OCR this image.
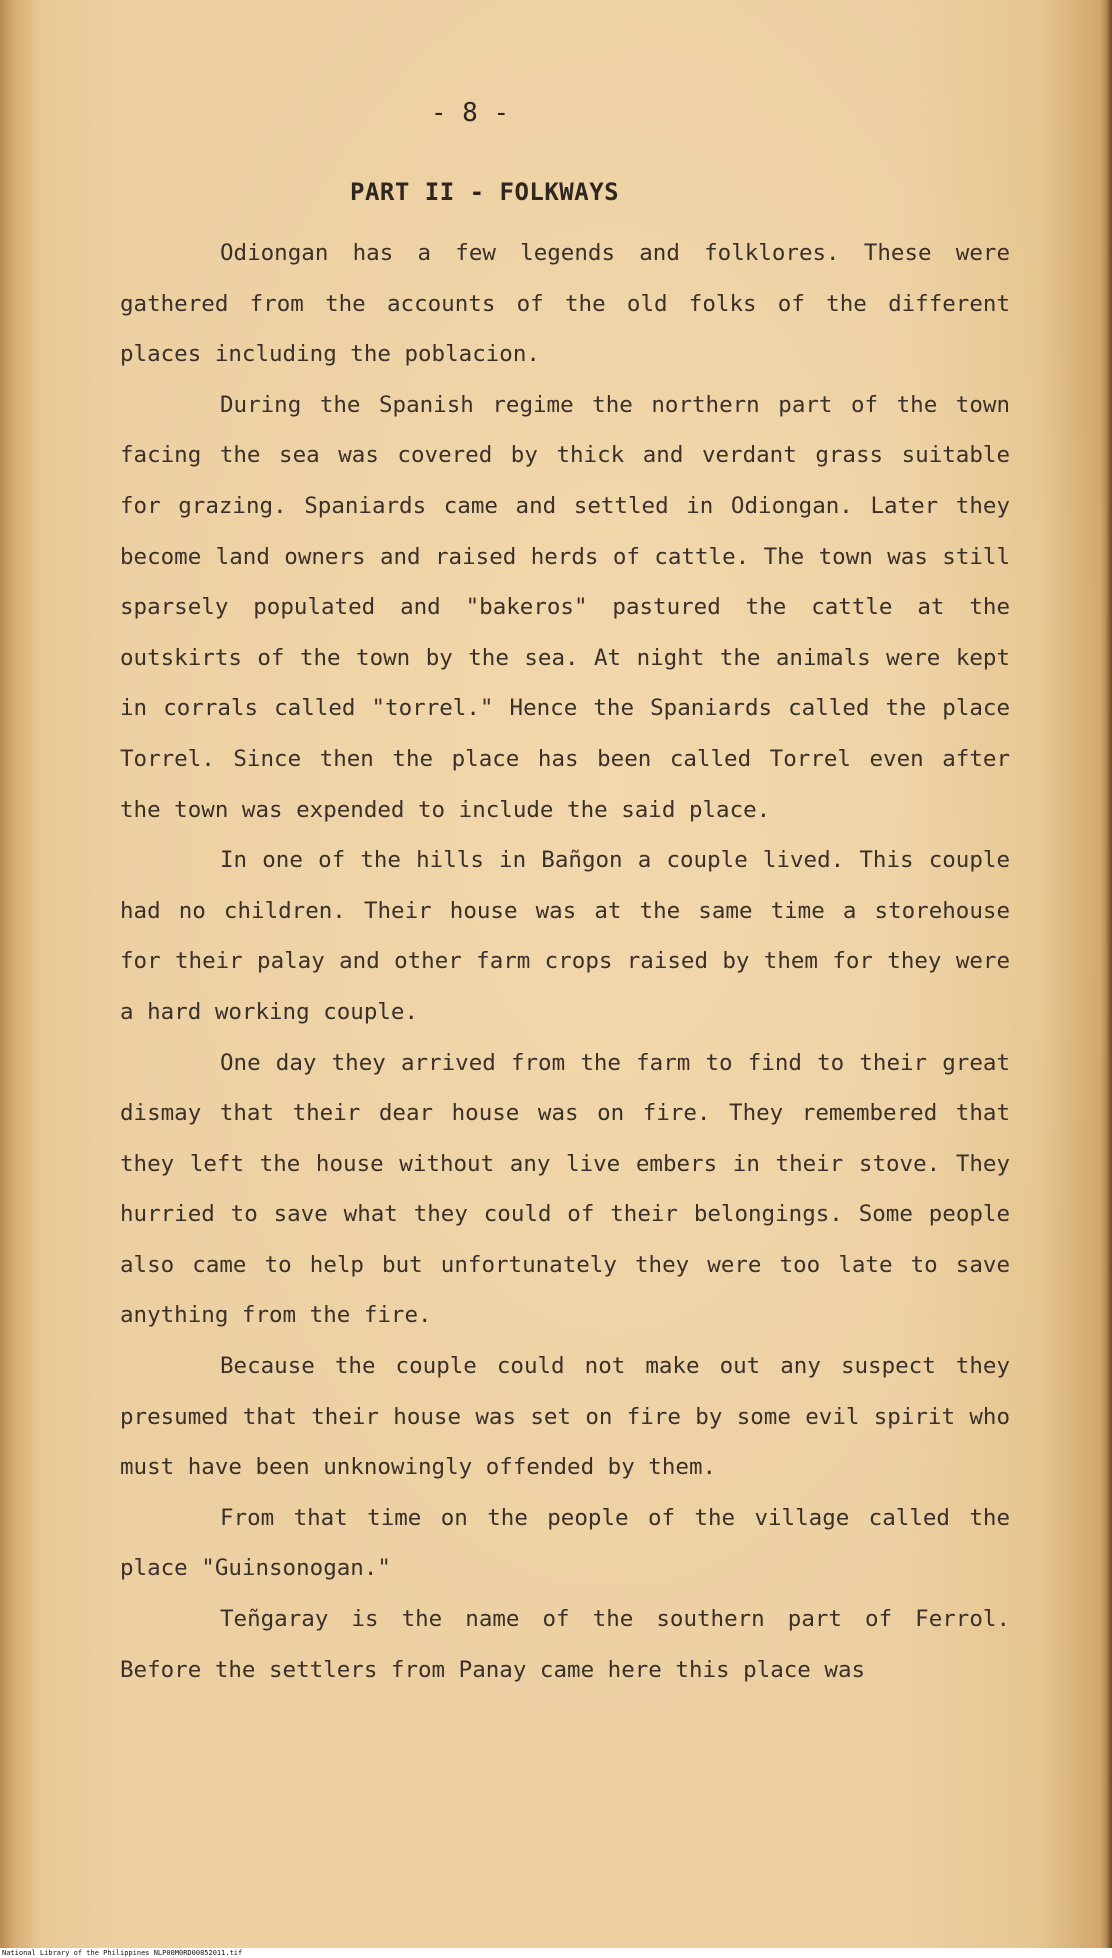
- 8 -

PART II - FOLKWAYS

Odiongan has a few legends and folklores. These were gathered from the accounts of the old folks of the different places including the poblacion.

During the Spanish regime the northern part of the town facing the sea was covered by thick and verdant grass suitable for grazing. Spaniards came and settled in Odiongan. Later they become land owners and raised herds of cattle. The town was still sparsely populated and "bakeros" pastured the cattle at the outskirts of the town by the sea. At night the animals were kept in corrals called "torrel." Hence the Spaniards called the place Torrel. Since then the place has been called Torrel even after the town was expended to include the said place.

In one of the hills in Bañgon a couple lived. This couple had no children. Their house was at the same time a storehouse for their palay and other farm crops raised by them for they were a hard working couple.

One day they arrived from the farm to find to their great dismay that their dear house was on fire. They remembered that they left the house without any live embers in their stove. They hurried to save what they could of their belongings. Some people also came to help but unfortunately they were too late to save anything from the fire.

Because the couple could not make out any suspect they presumed that their house was set on fire by some evil spirit who must have been unknowingly offended by them.

From that time on the people of the village called the place "Guinsonogan."

Teñgaray is the name of the southern part of Ferrol. Before the settlers from Panay came here this place was

National Library of the Philippines NLP00M0RD00852011.tif
